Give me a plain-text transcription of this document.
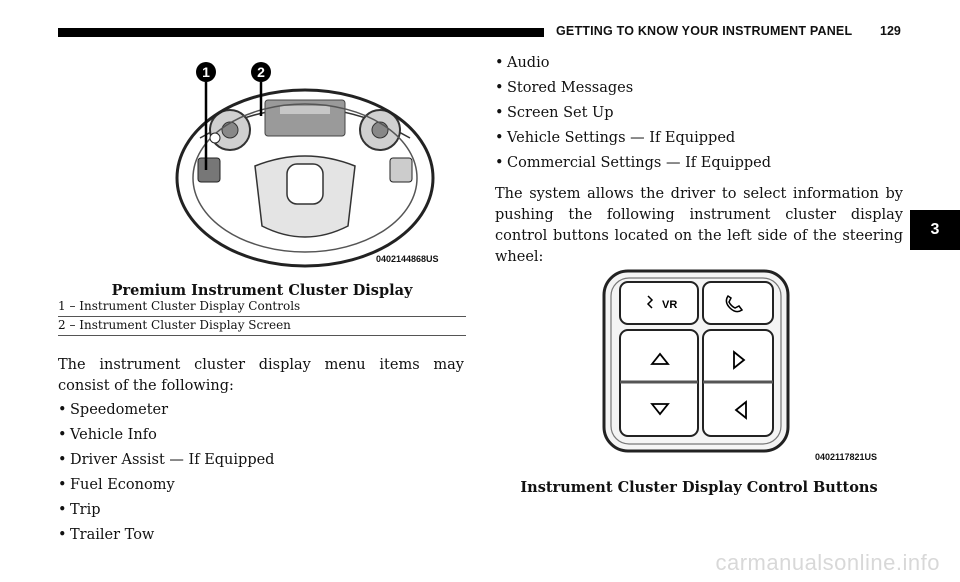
GETTING TO KNOW YOUR INSTRUMENT PANEL 129
3
1	2
0402144868US
Premium Instrument Cluster Display
1 – Instrument Cluster Display Controls
2 – Instrument Cluster Display Screen
The instrument cluster display menu items may consist of the following:
• Speedometer
• Vehicle Info
• Driver Assist — If Equipped
• Fuel Economy
• Trip
• Trailer Tow
• Audio
• Stored Messages
• Screen Set Up
• Vehicle Settings — If Equipped
• Commercial Settings — If Equipped
The system allows the driver to select information by pushing the following instrument cluster display control buttons located on the left side of the steering wheel:
VR
0402117821US
Instrument Cluster Display Control Buttons
carmanualsonline.info
